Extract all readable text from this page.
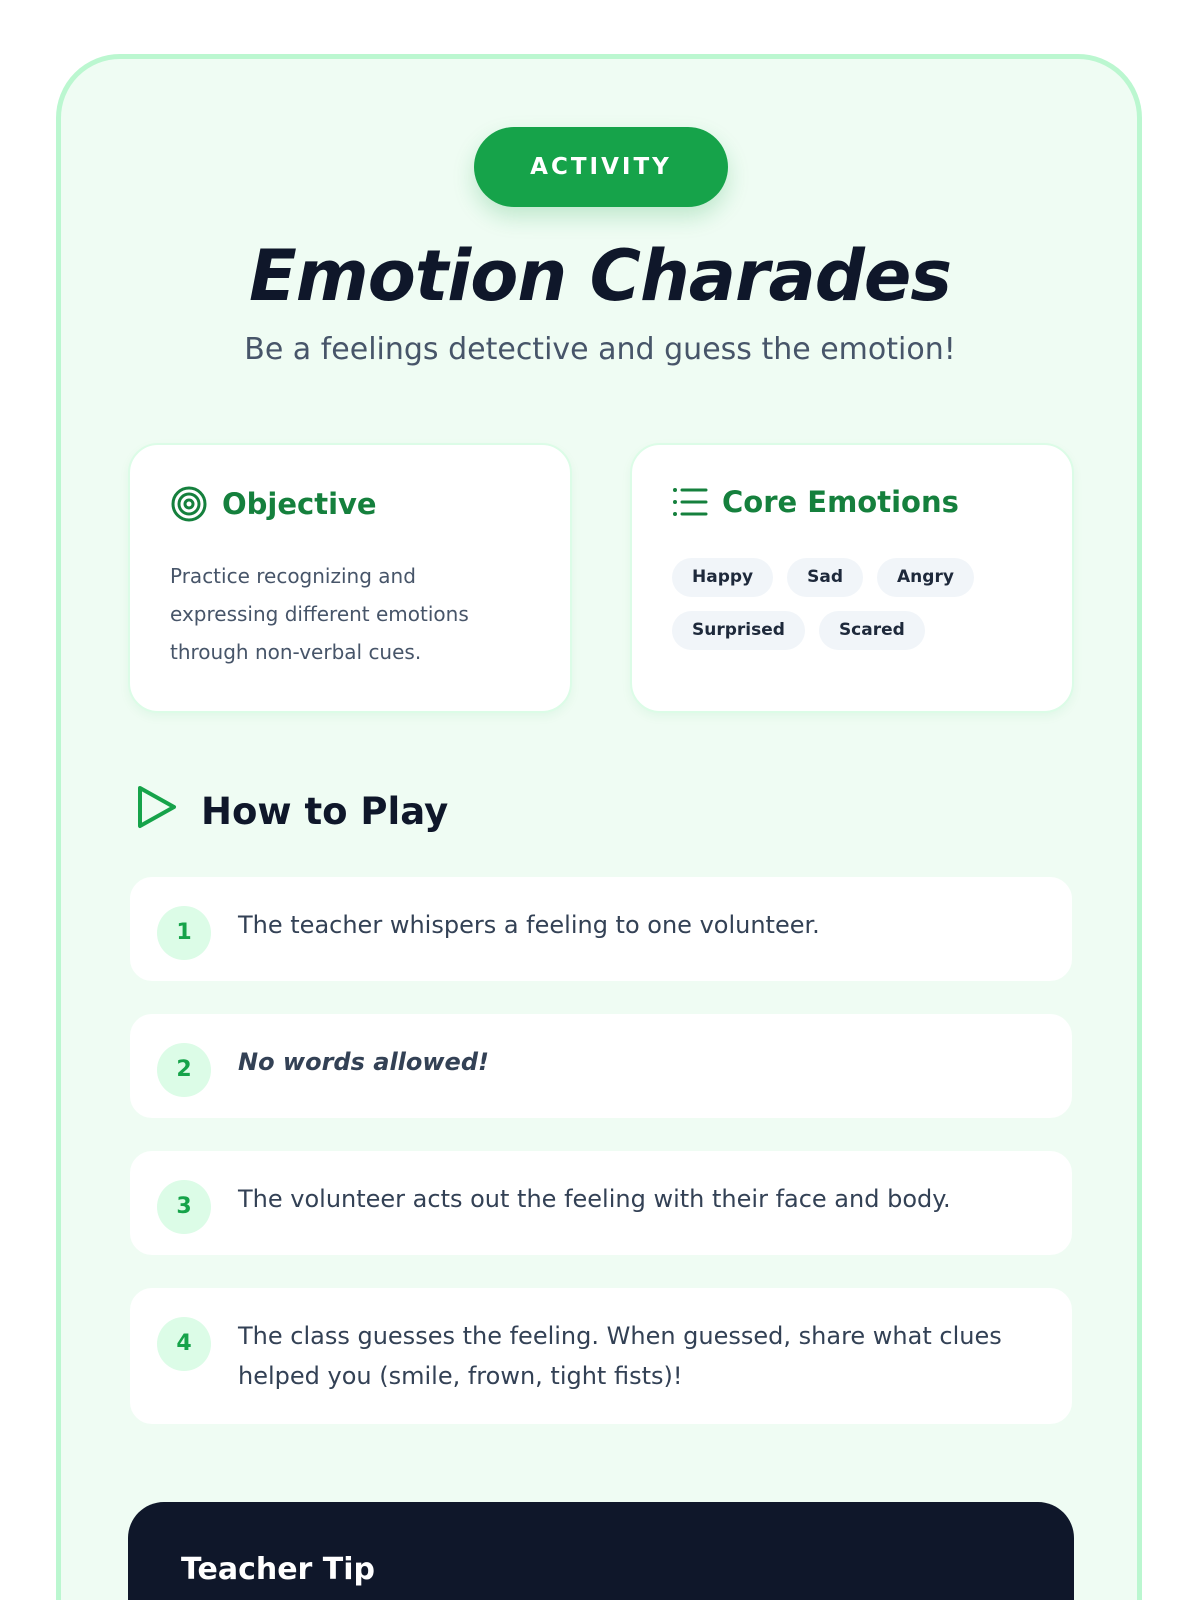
ACTIVITY
Emotion Charades
Be a feelings detective and guess the emotion!
Objective
Practice recognizing and expressing different emotions through non-verbal cues.
Core Emotions
Happy	Sad	Angry
Surprised	Scared
How to Play
1	The teacher whispers a feeling to one volunteer.
2	No words allowed!
3	The volunteer acts out the feeling with their face and body.
4	The class guesses the feeling. When guessed, share what clues helped you (smile, frown, tight fists)!
Teacher Tip
